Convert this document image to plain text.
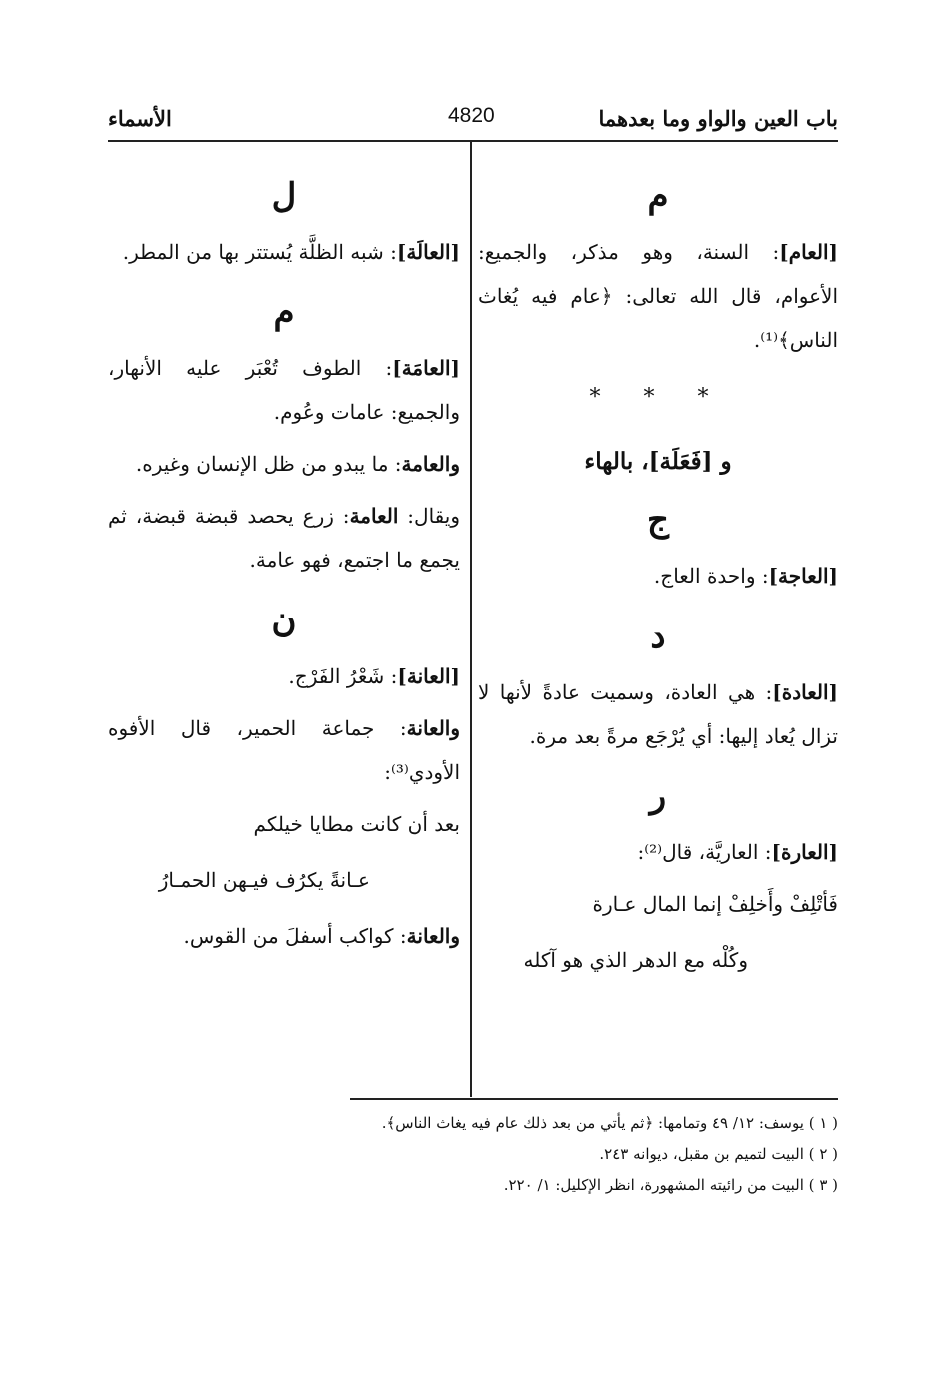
باب العين والواو وما بعدهما
4820
الأسماء
م

[العام]: السنة، وهو مذكر، والجميع: الأعوام، قال الله تعالى: ﴿عام فيه يُغاث الناس﴾⁽¹⁾.

* * *
و [فَعَلَة]، بالهاء
ج

[العاجة]: واحدة العاج.

د

[العادة]: هي العادة، وسميت عادةً لأنها لا تزال يُعاد إليها: أي يُرْجَع مرةً بعد مرة.

ر

[العارة]: العاريَّة، قال⁽²⁾:

فَأتْلِفْ وأَخلِفْ إنما المال عـارة
وكُلْه مع الدهر الذي هو آكله
ل

[العالَة]: شبه الظلَّة يُستتر بها من المطر.

م

[العامَة]: الطوف تُعْبَر عليه الأنهار، والجميع: عامات وعُوم.

والعامة: ما يبدو من ظل الإنسان وغيره.

ويقال: العامة: زرع يحصد قبضة قبضة، ثم يجمع ما اجتمع، فهو عامة.

ن

[العانة]: شَعْرُ الفَرْج.

والعانة: جماعة الحمير، قال الأفوه الأودي⁽³⁾:

بعد أن كانت مطايا خيلكم
عـانةً يكرُف فيـهن الحمـارُ

والعانة: كواكب أسفلَ من القوس.

( ١ ) يوسف: ١٢/ ٤٩ وتمامها: ﴿ثم يأتي من بعد ذلك عام فيه يغاث الناس﴾.
( ٢ ) البيت لتميم بن مقبل، ديوانه ٢٤٣.
( ٣ ) البيت من رائيته المشهورة، انظر الإكليل: ١/ ٢٢٠.
